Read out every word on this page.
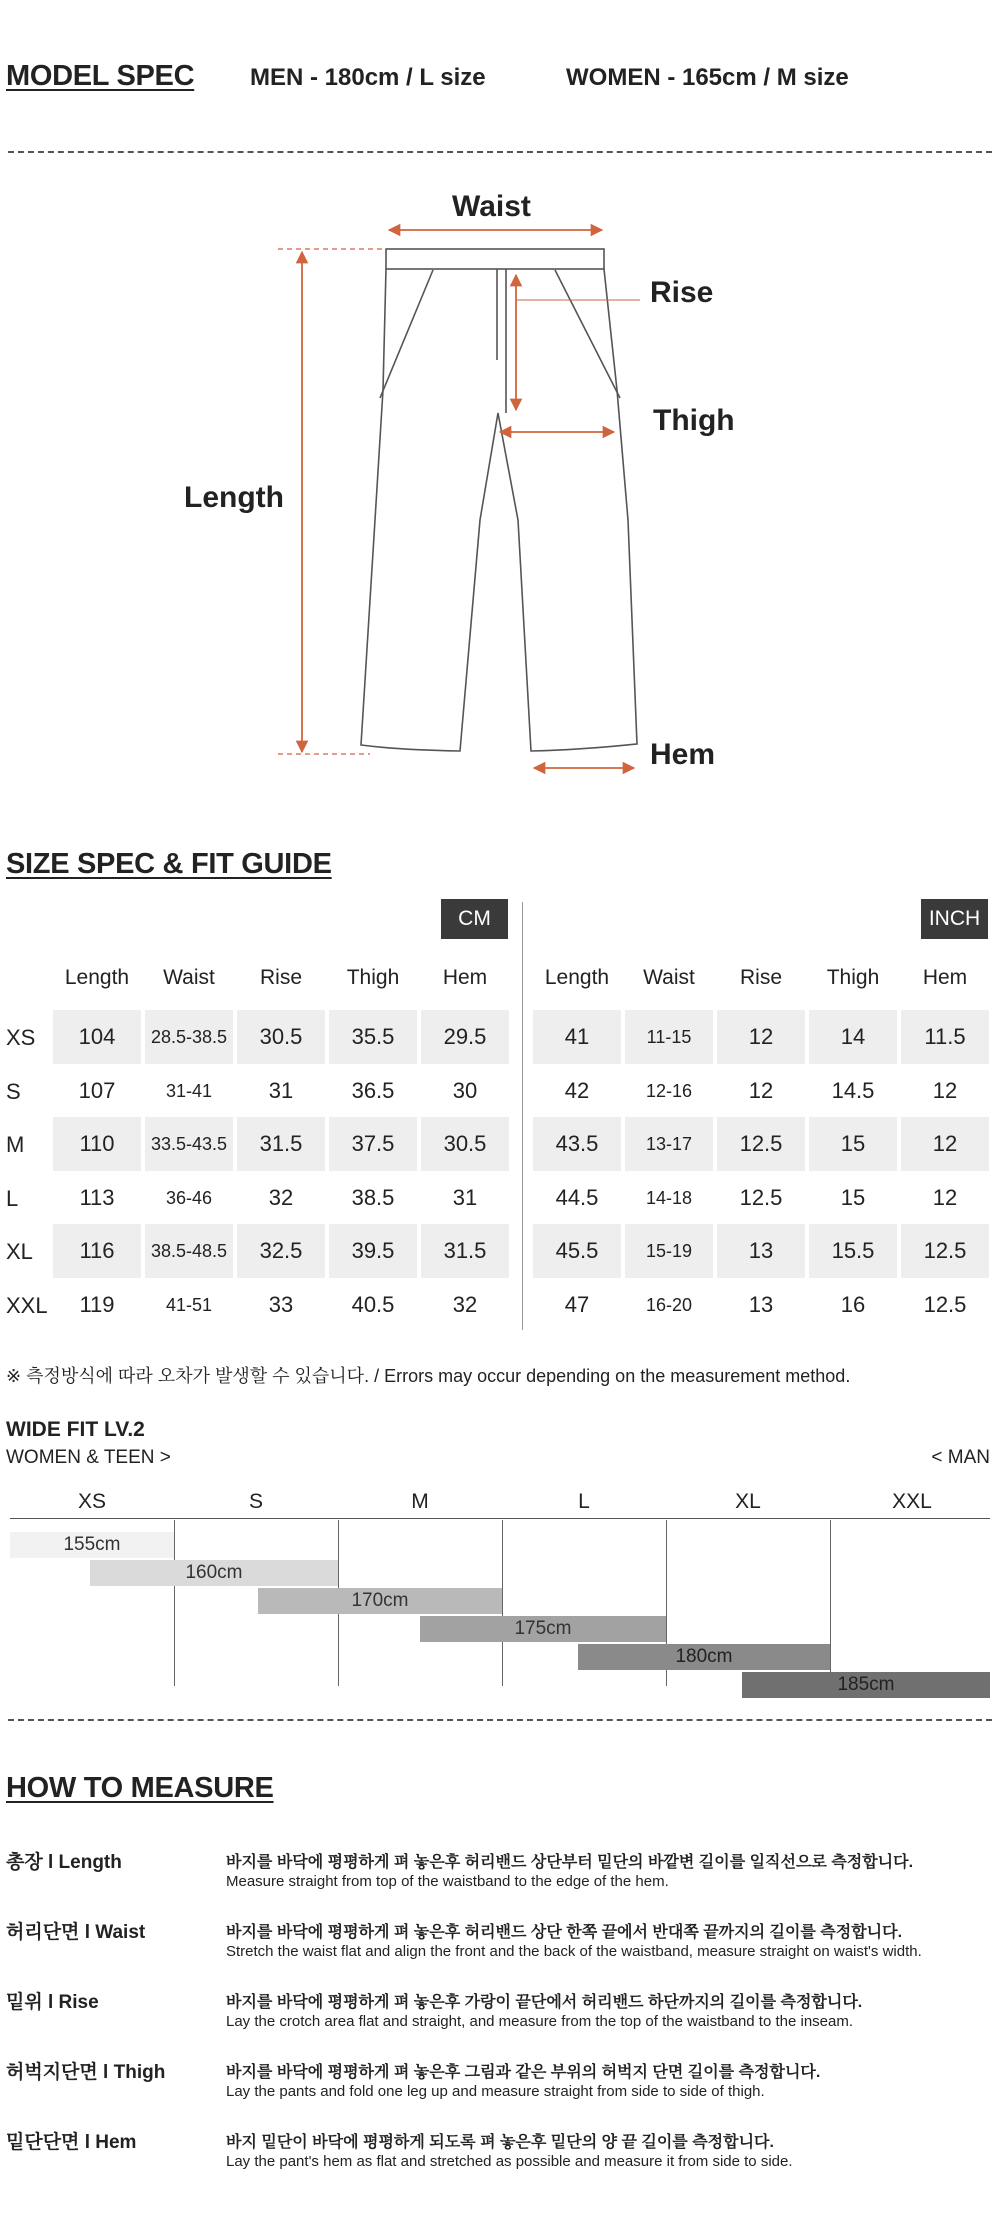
MODEL SPEC MEN - 180cm / L size	WOMEN - 165cm / M size
Waist
Rise
Thigh
Length
Hem
SIZE SPEC & FIT GUIDE
CM	INCH
Length	Length
Waist	Waist
Rise	Rise
Thigh	Thigh
Hem	Hem
XS	104	28.5-38.5	30.5	35.5	29.5	41	11-15	12	14	11.5
S	107	31-41	31	36.5	30	42	12-16	12	14.5	12
M	110	33.5-43.5	31.5	37.5	30.5	43.5	13-17	12.5	15	12
L	113	36-46	32	38.5	31	44.5	14-18	12.5	15	12
XL	116	38.5-48.5	32.5	39.5	31.5	45.5	15-19	13	15.5	12.5
XXL	119	41-51	33	40.5	32	47	16-20	13	16	12.5
※ 측정방식에 따라 오차가 발생할 수 있습니다. / Errors may occur depending on the measurement method.
WIDE FIT LV.2
WOMEN & TEEN >	< MAN
XS	S	M	L	XL	XXL
155cm
160cm
170cm
175cm
180cm
185cm
HOW TO MEASURE
총장 l Length	바지를 바닥에 평평하게 펴 놓은후 허리밴드 상단부터 밑단의 바깥변 길이를 일직선으로 측정합니다.
Measure straight from top of the waistband to the edge of the hem.
허리단면 l Waist	바지를 바닥에 평평하게 펴 놓은후 허리밴드 상단 한쪽 끝에서 반대쪽 끝까지의 길이를 측정합니다.
Stretch the waist flat and align the front and the back of the waistband, measure straight on waist's width.
밑위 l Rise	바지를 바닥에 평평하게 펴 놓은후 가랑이 끝단에서 허리밴드 하단까지의 길이를 측정합니다.
Lay the crotch area flat and straight, and measure from the top of the waistband to the inseam.
허벅지단면 l Thigh	바지를 바닥에 평평하게 펴 놓은후 그림과 같은 부위의 허벅지 단면 길이를 측정합니다.
Lay the pants and fold one leg up and measure straight from side to side of thigh.
밑단단면 l Hem	바지 밑단이 바닥에 평평하게 되도록 펴 놓은후 밑단의 양 끝 길이를 측정합니다.
Lay the pant's hem as flat and stretched as possible and measure it from side to side.
